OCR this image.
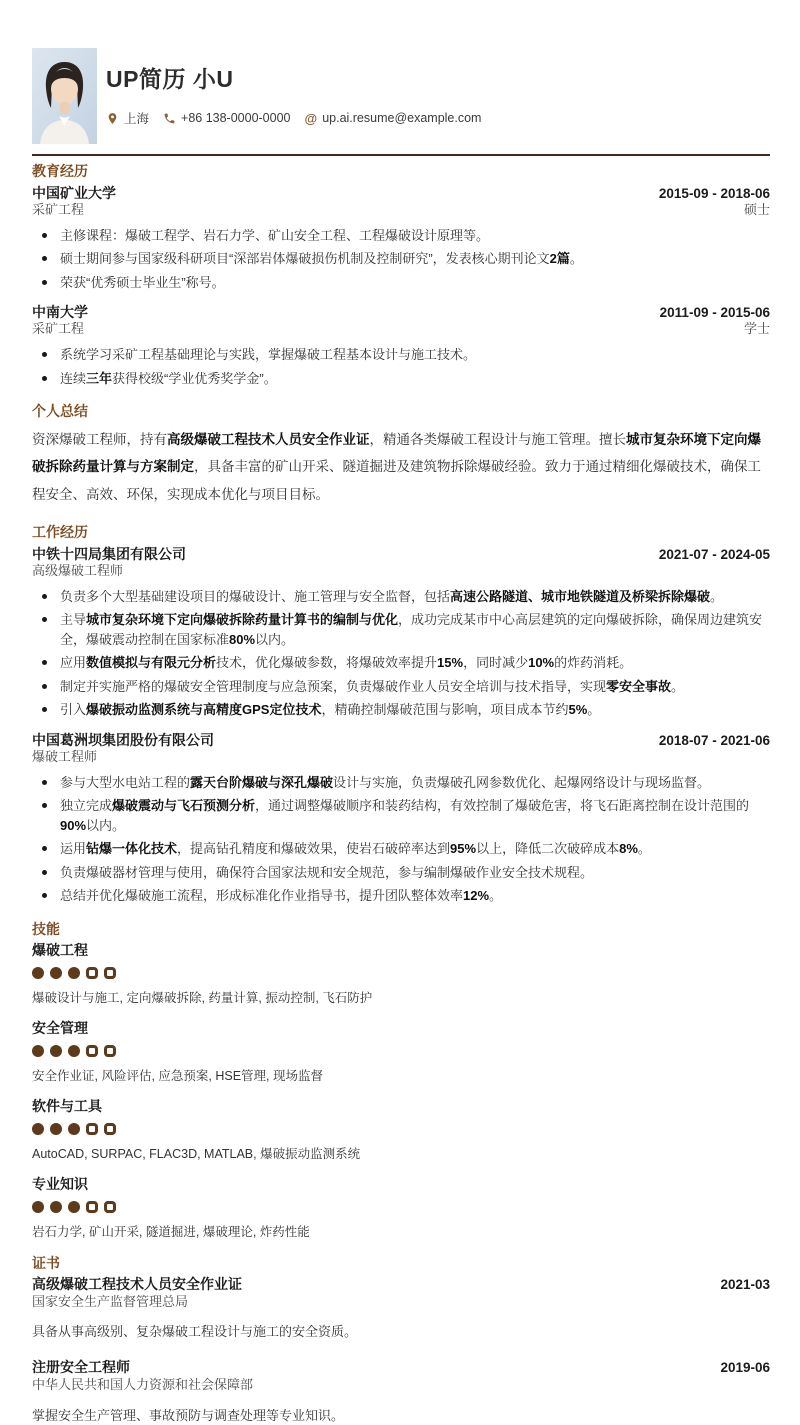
UP简历 小U
上海	+86 138-0000-0000 @ up.ai.resume@example.com
教育经历
中国矿业大学	2015-09 - 2018-06
采矿工程	硕士
主修课程：爆破工程学、岩石力学、矿山安全工程、工程爆破设计原理等。
硕士期间参与国家级科研项目“深部岩体爆破损伤机制及控制研究”，发表核心期刊论文2篇。
荣获“优秀硕士毕业生”称号。
中南大学	2011-09 - 2015-06
采矿工程	学士
系统学习采矿工程基础理论与实践，掌握爆破工程基本设计与施工技术。
连续三年获得校级“学业优秀奖学金”。
个人总结

资深爆破工程师，持有高级爆破工程技术人员安全作业证，精通各类爆破工程设计与施工管理。擅长城市复杂环境下定向爆破拆除药量计算与方案制定，具备丰富的矿山开采、隧道掘进及建筑物拆除爆破经验。致力于通过精细化爆破技术，确保工程安全、高效、环保，实现成本优化与项目目标。

工作经历
中铁十四局集团有限公司	2021-07 - 2024-05
高级爆破工程师
负责多个大型基础建设项目的爆破设计、施工管理与安全监督，包括高速公路隧道、城市地铁隧道及桥梁拆除爆破。
主导城市复杂环境下定向爆破拆除药量计算书的编制与优化，成功完成某市中心高层建筑的定向爆破拆除，确保周边建筑安全，爆破震动控制在国家标准80%以内。
应用数值模拟与有限元分析技术，优化爆破参数，将爆破效率提升15%，同时减少10%的炸药消耗。
制定并实施严格的爆破安全管理制度与应急预案，负责爆破作业人员安全培训与技术指导，实现零安全事故。
引入爆破振动监测系统与高精度GPS定位技术，精确控制爆破范围与影响，项目成本节约5%。
中国葛洲坝集团股份有限公司	2018-07 - 2021-06
爆破工程师
参与大型水电站工程的露天台阶爆破与深孔爆破设计与实施，负责爆破孔网参数优化、起爆网络设计与现场监督。
独立完成爆破震动与飞石预测分析，通过调整爆破顺序和装药结构，有效控制了爆破危害，将飞石距离控制在设计范围的90%以内。
运用钻爆一体化技术，提高钻孔精度和爆破效果，使岩石破碎率达到95%以上，降低二次破碎成本8%。
负责爆破器材管理与使用，确保符合国家法规和安全规范，参与编制爆破作业安全技术规程。
总结并优化爆破施工流程，形成标准化作业指导书，提升团队整体效率12%。
技能
爆破工程
爆破设计与施工, 定向爆破拆除, 药量计算, 振动控制, 飞石防护
安全管理
安全作业证, 风险评估, 应急预案, HSE管理, 现场监督
软件与工具
AutoCAD, SURPAC, FLAC3D, MATLAB, 爆破振动监测系统
专业知识
岩石力学, 矿山开采, 隧道掘进, 爆破理论, 炸药性能
证书
高级爆破工程技术人员安全作业证	2021-03
国家安全生产监督管理总局
具备从事高级别、复杂爆破工程设计与施工的安全资质。
注册安全工程师	2019-06
中华人民共和国人力资源和社会保障部
掌握安全生产管理、事故预防与调查处理等专业知识。
